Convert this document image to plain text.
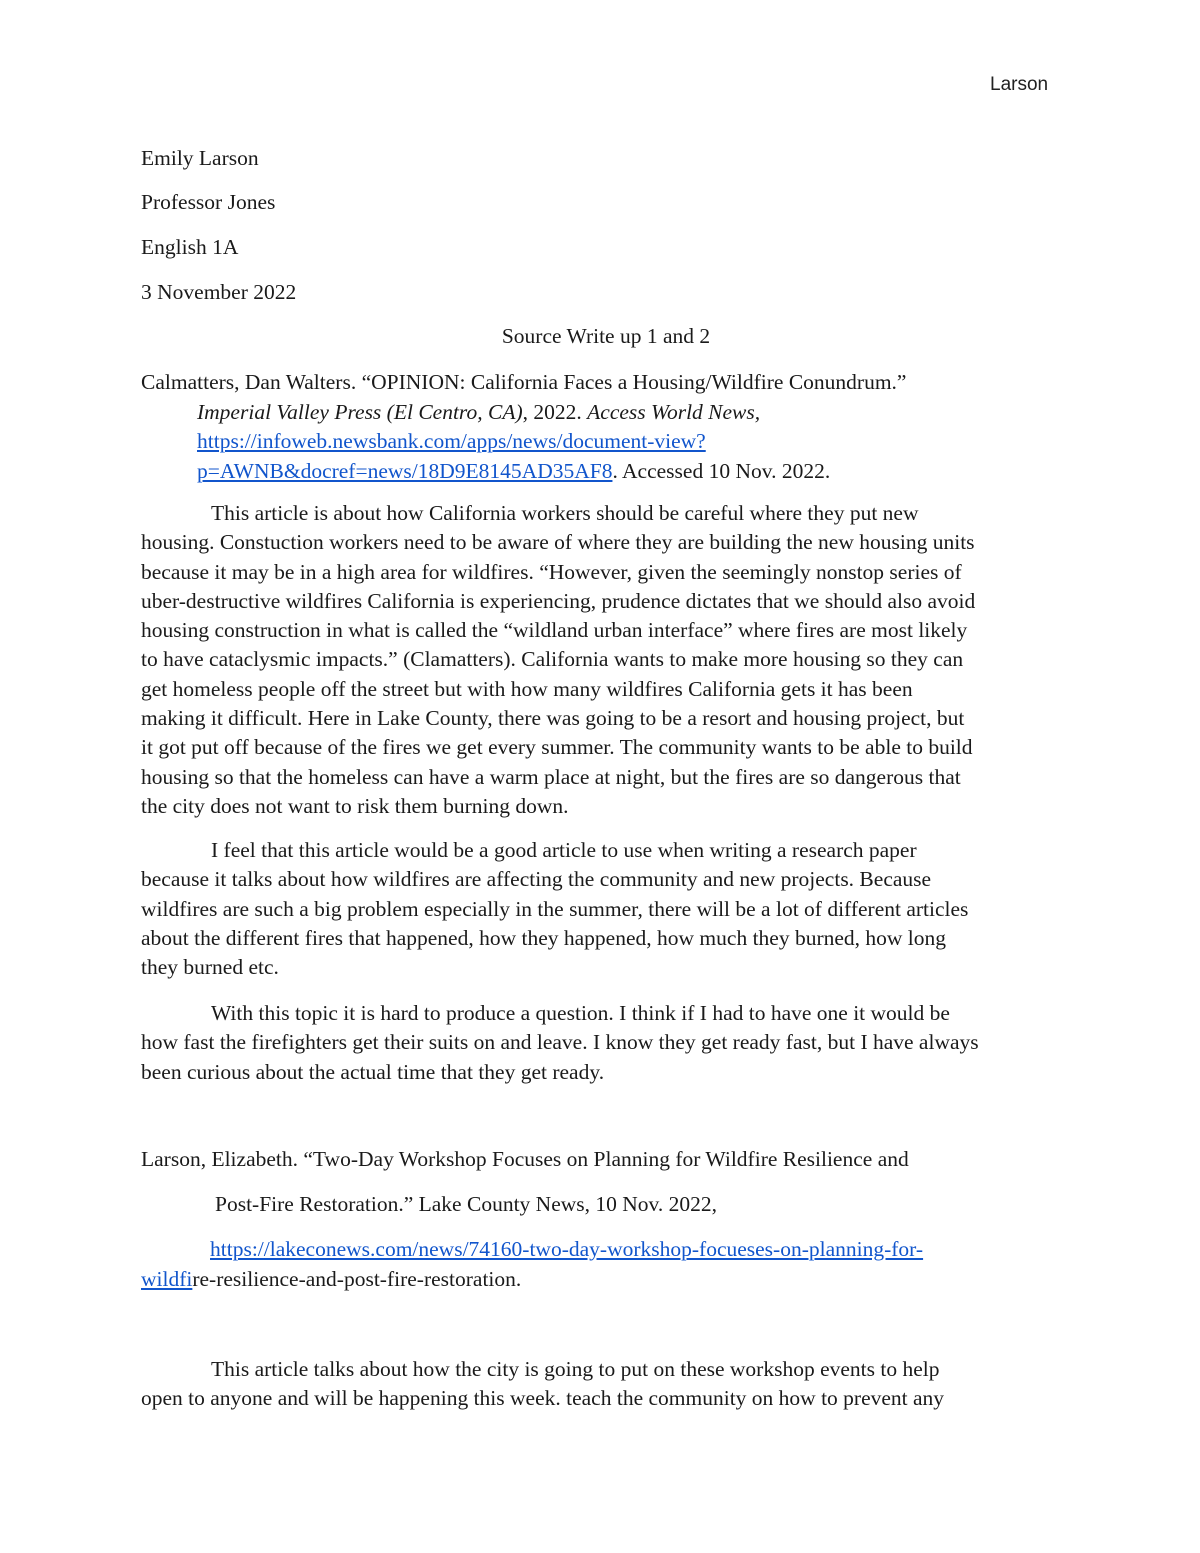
Larson
Emily Larson
Professor Jones
English 1A
3 November 2022
Source Write up 1 and 2
Calmatters, Dan Walters. “OPINION: California Faces a Housing/Wildfire Conundrum.”
Imperial Valley Press (El Centro, CA), 2022. Access World News,
https://infoweb.newsbank.com/apps/news/document-view?
p=AWNB&docref=news/18D9E8145AD35AF8. Accessed 10 Nov. 2022.
This article is about how California workers should be careful where they put new
housing. Constuction workers need to be aware of where they are building the new housing units
because it may be in a high area for wildfires. “However, given the seemingly nonstop series of
uber-destructive wildfires California is experiencing, prudence dictates that we should also avoid
housing construction in what is called the “wildland urban interface” where fires are most likely
to have cataclysmic impacts.” (Clamatters). California wants to make more housing so they can
get homeless people off the street but with how many wildfires California gets it has been
making it difficult. Here in Lake County, there was going to be a resort and housing project, but
it got put off because of the fires we get every summer. The community wants to be able to build
housing so that the homeless can have a warm place at night, but the fires are so dangerous that
the city does not want to risk them burning down.
I feel that this article would be a good article to use when writing a research paper
because it talks about how wildfires are affecting the community and new projects. Because
wildfires are such a big problem especially in the summer, there will be a lot of different articles
about the different fires that happened, how they happened, how much they burned, how long
they burned etc.
With this topic it is hard to produce a question. I think if I had to have one it would be
how fast the firefighters get their suits on and leave. I know they get ready fast, but I have always
been curious about the actual time that they get ready.
Larson, Elizabeth. “Two-Day Workshop Focuses on Planning for Wildfire Resilience and
Post-Fire Restoration.” Lake County News, 10 Nov. 2022,
https://lakeconews.com/news/74160-two-day-workshop-focueses-on-planning-for-
wildfire-resilience-and-post-fire-restoration.
This article talks about how the city is going to put on these workshop events to help
open to anyone and will be happening this week. teach the community on how to prevent any
